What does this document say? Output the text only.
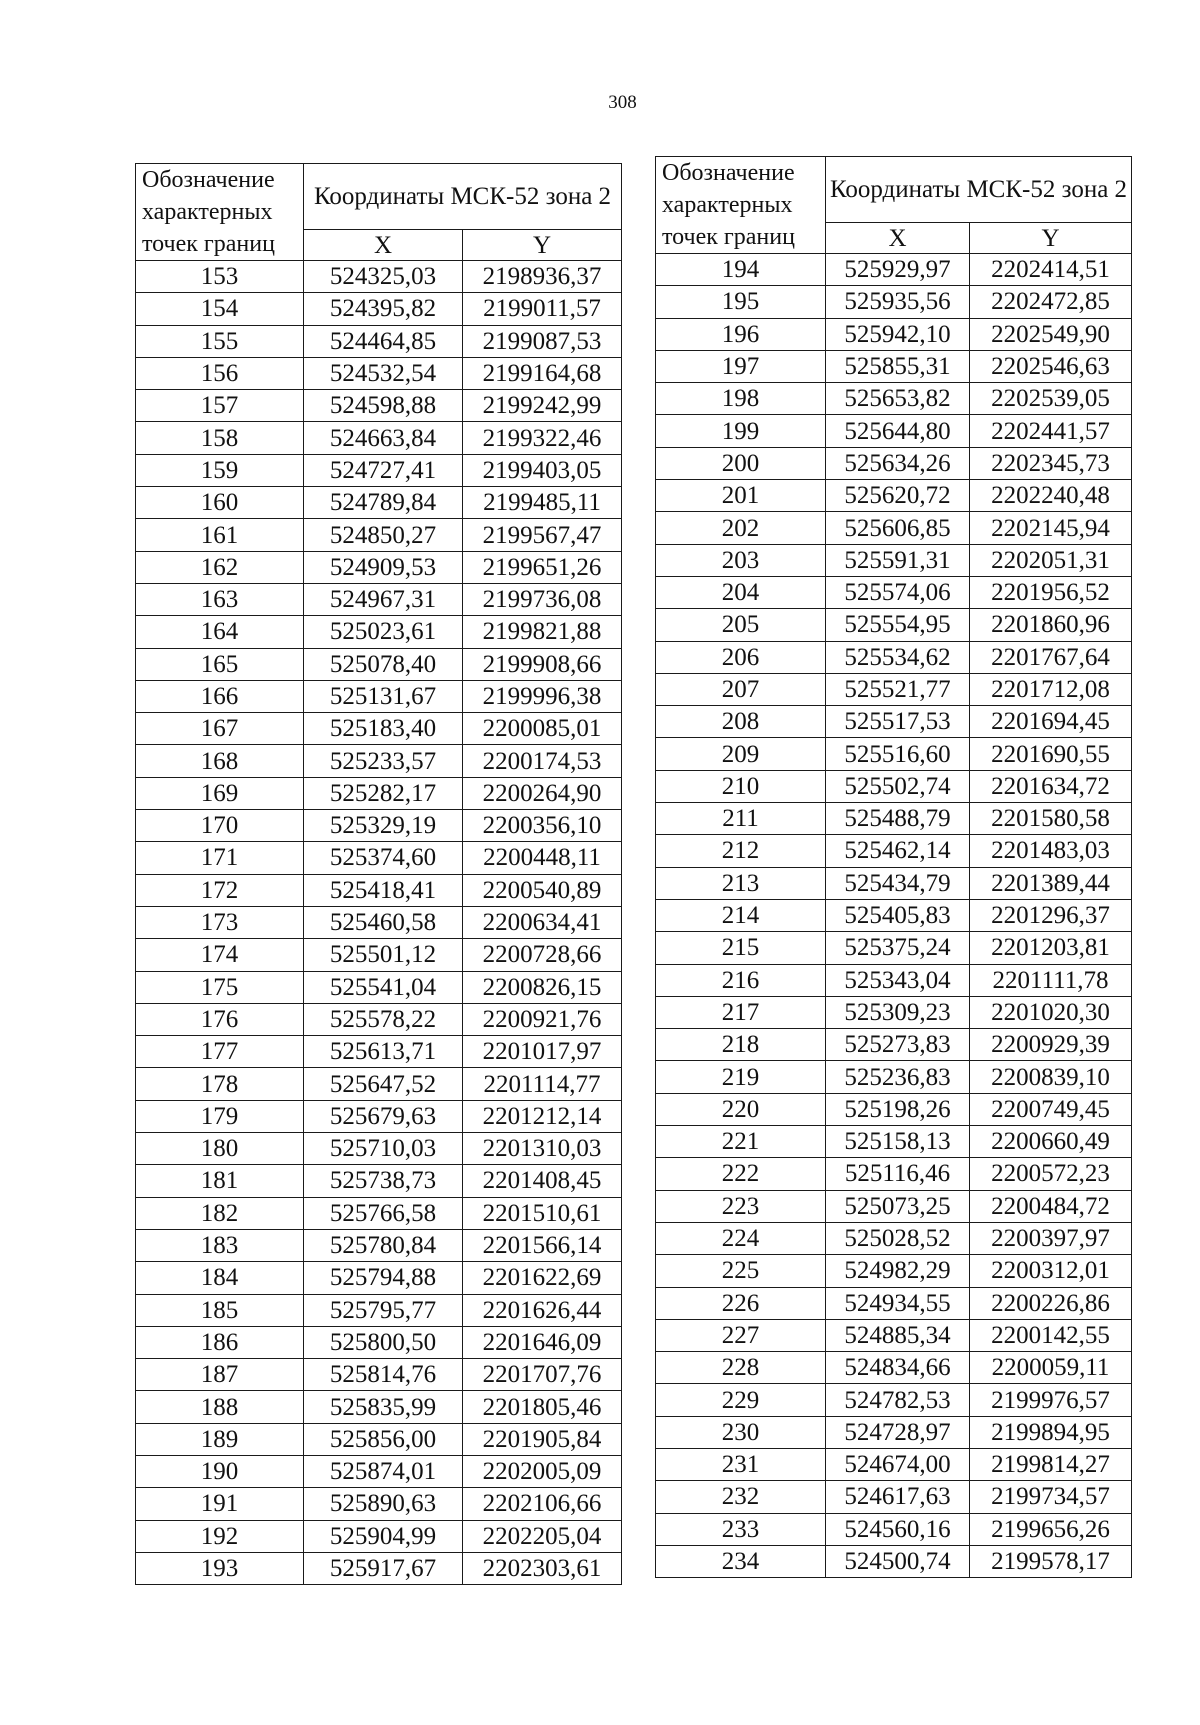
308
Обозначение характерных точек границ	Координаты МСК-52 зона 2	
	X	Y
153	524325,03	2198936,37
154	524395,82	2199011,57
155	524464,85	2199087,53
156	524532,54	2199164,68
157	524598,88	2199242,99
158	524663,84	2199322,46
159	524727,41	2199403,05
160	524789,84	2199485,11
161	524850,27	2199567,47
162	524909,53	2199651,26
163	524967,31	2199736,08
164	525023,61	2199821,88
165	525078,40	2199908,66
166	525131,67	2199996,38
167	525183,40	2200085,01
168	525233,57	2200174,53
169	525282,17	2200264,90
170	525329,19	2200356,10
171	525374,60	2200448,11
172	525418,41	2200540,89
173	525460,58	2200634,41
174	525501,12	2200728,66
175	525541,04	2200826,15
176	525578,22	2200921,76
177	525613,71	2201017,97
178	525647,52	2201114,77
179	525679,63	2201212,14
180	525710,03	2201310,03
181	525738,73	2201408,45
182	525766,58	2201510,61
183	525780,84	2201566,14
184	525794,88	2201622,69
185	525795,77	2201626,44
186	525800,50	2201646,09
187	525814,76	2201707,76
188	525835,99	2201805,46
189	525856,00	2201905,84
190	525874,01	2202005,09
191	525890,63	2202106,66
192	525904,99	2202205,04
193	525917,67	2202303,61
Обозначение характерных точек границ	Координаты МСК-52 зона 2	
	X	Y
194	525929,97	2202414,51
195	525935,56	2202472,85
196	525942,10	2202549,90
197	525855,31	2202546,63
198	525653,82	2202539,05
199	525644,80	2202441,57
200	525634,26	2202345,73
201	525620,72	2202240,48
202	525606,85	2202145,94
203	525591,31	2202051,31
204	525574,06	2201956,52
205	525554,95	2201860,96
206	525534,62	2201767,64
207	525521,77	2201712,08
208	525517,53	2201694,45
209	525516,60	2201690,55
210	525502,74	2201634,72
211	525488,79	2201580,58
212	525462,14	2201483,03
213	525434,79	2201389,44
214	525405,83	2201296,37
215	525375,24	2201203,81
216	525343,04	2201111,78
217	525309,23	2201020,30
218	525273,83	2200929,39
219	525236,83	2200839,10
220	525198,26	2200749,45
221	525158,13	2200660,49
222	525116,46	2200572,23
223	525073,25	2200484,72
224	525028,52	2200397,97
225	524982,29	2200312,01
226	524934,55	2200226,86
227	524885,34	2200142,55
228	524834,66	2200059,11
229	524782,53	2199976,57
230	524728,97	2199894,95
231	524674,00	2199814,27
232	524617,63	2199734,57
233	524560,16	2199656,26
234	524500,74	2199578,17
